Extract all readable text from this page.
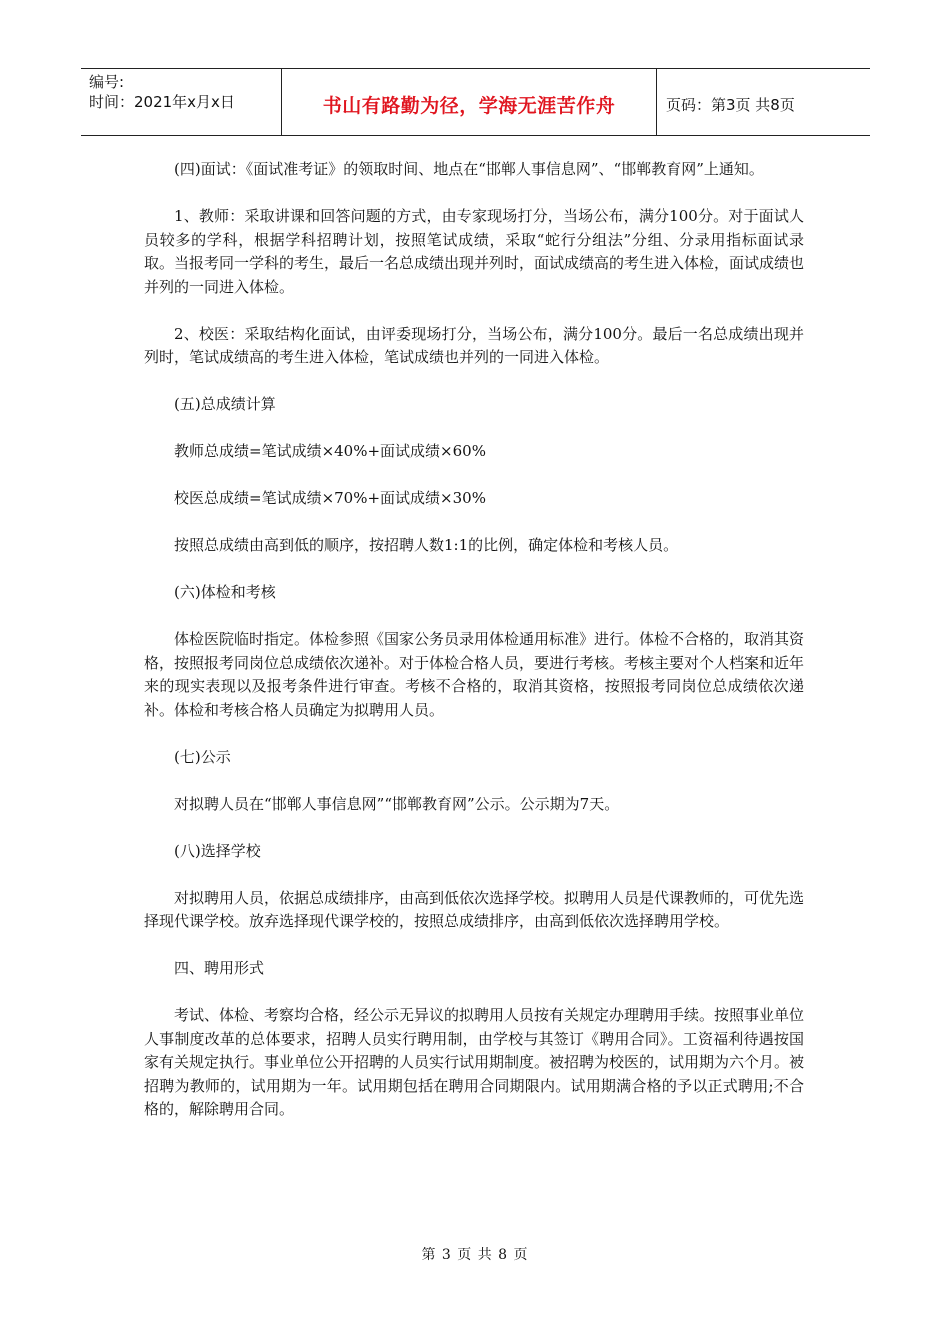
编号:
时间：2021年x月x日	书山有路勤为径，学海无涯苦作舟	页码：第3页 共8页

(四)面试：《面试准考证》的领取时间、地点在“邯郸人事信息网”、“邯郸教育网”上通知。

1、教师：采取讲课和回答问题的方式，由专家现场打分，当场公布，满分100分。对于面试人员较多的学科，根据学科招聘计划，按照笔试成绩，采取“蛇行分组法”分组、分录用指标面试录取。当报考同一学科的考生，最后一名总成绩出现并列时，面试成绩高的考生进入体检，面试成绩也并列的一同进入体检。

2、校医：采取结构化面试，由评委现场打分，当场公布，满分100分。最后一名总成绩出现并列时，笔试成绩高的考生进入体检，笔试成绩也并列的一同进入体检。

(五)总成绩计算

教师总成绩=笔试成绩×40%+面试成绩×60%

校医总成绩=笔试成绩×70%+面试成绩×30%

按照总成绩由高到低的顺序，按招聘人数1:1的比例，确定体检和考核人员。

(六)体检和考核

体检医院临时指定。体检参照《国家公务员录用体检通用标准》进行。体检不合格的，取消其资格，按照报考同岗位总成绩依次递补。对于体检合格人员，要进行考核。考核主要对个人档案和近年来的现实表现以及报考条件进行审查。考核不合格的，取消其资格，按照报考同岗位总成绩依次递补。体检和考核合格人员确定为拟聘用人员。

(七)公示

对拟聘人员在“邯郸人事信息网”“邯郸教育网”公示。公示期为7天。

(八)选择学校

对拟聘用人员，依据总成绩排序，由高到低依次选择学校。拟聘用人员是代课教师的，可优先选择现代课学校。放弃选择现代课学校的，按照总成绩排序，由高到低依次选择聘用学校。

四、聘用形式

考试、体检、考察均合格，经公示无异议的拟聘用人员按有关规定办理聘用手续。按照事业单位人事制度改革的总体要求，招聘人员实行聘用制，由学校与其签订《聘用合同》。工资福利待遇按国家有关规定执行。事业单位公开招聘的人员实行试用期制度。被招聘为校医的，试用期为六个月。被招聘为教师的，试用期为一年。试用期包括在聘用合同期限内。试用期满合格的予以正式聘用;不合格的，解除聘用合同。

第 3 页 共 8 页
